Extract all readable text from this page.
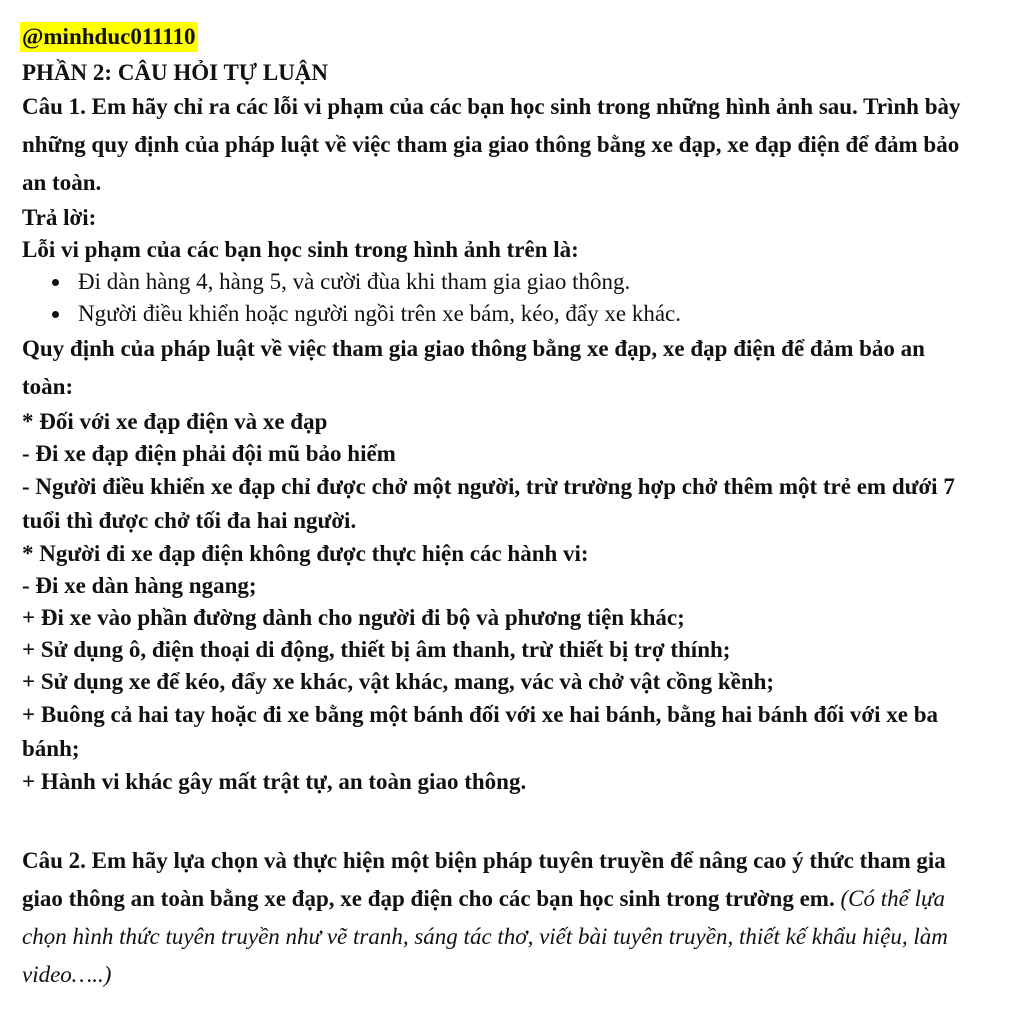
@minhduc011110
PHẦN 2: CÂU HỎI TỰ LUẬN

Câu 1. Em hãy chỉ ra các lỗi vi phạm của các bạn học sinh trong những hình ảnh sau. Trình bày những quy định của pháp luật về việc tham gia giao thông bằng xe đạp, xe đạp điện để đảm bảo an toàn.

Trả lời:

Lỗi vi phạm của các bạn học sinh trong hình ảnh trên là:

Đi dàn hàng 4, hàng 5, và cười đùa khi tham gia giao thông.
Người điều khiển hoặc người ngồi trên xe bám, kéo, đẩy xe khác.

Quy định của pháp luật về việc tham gia giao thông bằng xe đạp, xe đạp điện để đảm bảo an toàn:

* Đối với xe đạp điện và xe đạp

- Đi xe đạp điện phải đội mũ bảo hiểm

- Người điều khiển xe đạp chỉ được chở một người, trừ trường hợp chở thêm một trẻ em dưới 7 tuổi thì được chở tối đa hai người.

* Người đi xe đạp điện không được thực hiện các hành vi:

- Đi xe dàn hàng ngang;

+ Đi xe vào phần đường dành cho người đi bộ và phương tiện khác;

+ Sử dụng ô, điện thoại di động, thiết bị âm thanh, trừ thiết bị trợ thính;

+ Sử dụng xe để kéo, đẩy xe khác, vật khác, mang, vác và chở vật cồng kềnh;

+ Buông cả hai tay hoặc đi xe bằng một bánh đối với xe hai bánh, bằng hai bánh đối với xe ba bánh;

+ Hành vi khác gây mất trật tự, an toàn giao thông.

Câu 2. Em hãy lựa chọn và thực hiện một biện pháp tuyên truyền để nâng cao ý thức tham gia giao thông an toàn bằng xe đạp, xe đạp điện cho các bạn học sinh trong trường em. (Có thể lựa chọn hình thức tuyên truyền như vẽ tranh, sáng tác thơ, viết bài tuyên truyền, thiết kế khẩu hiệu, làm video…..)
